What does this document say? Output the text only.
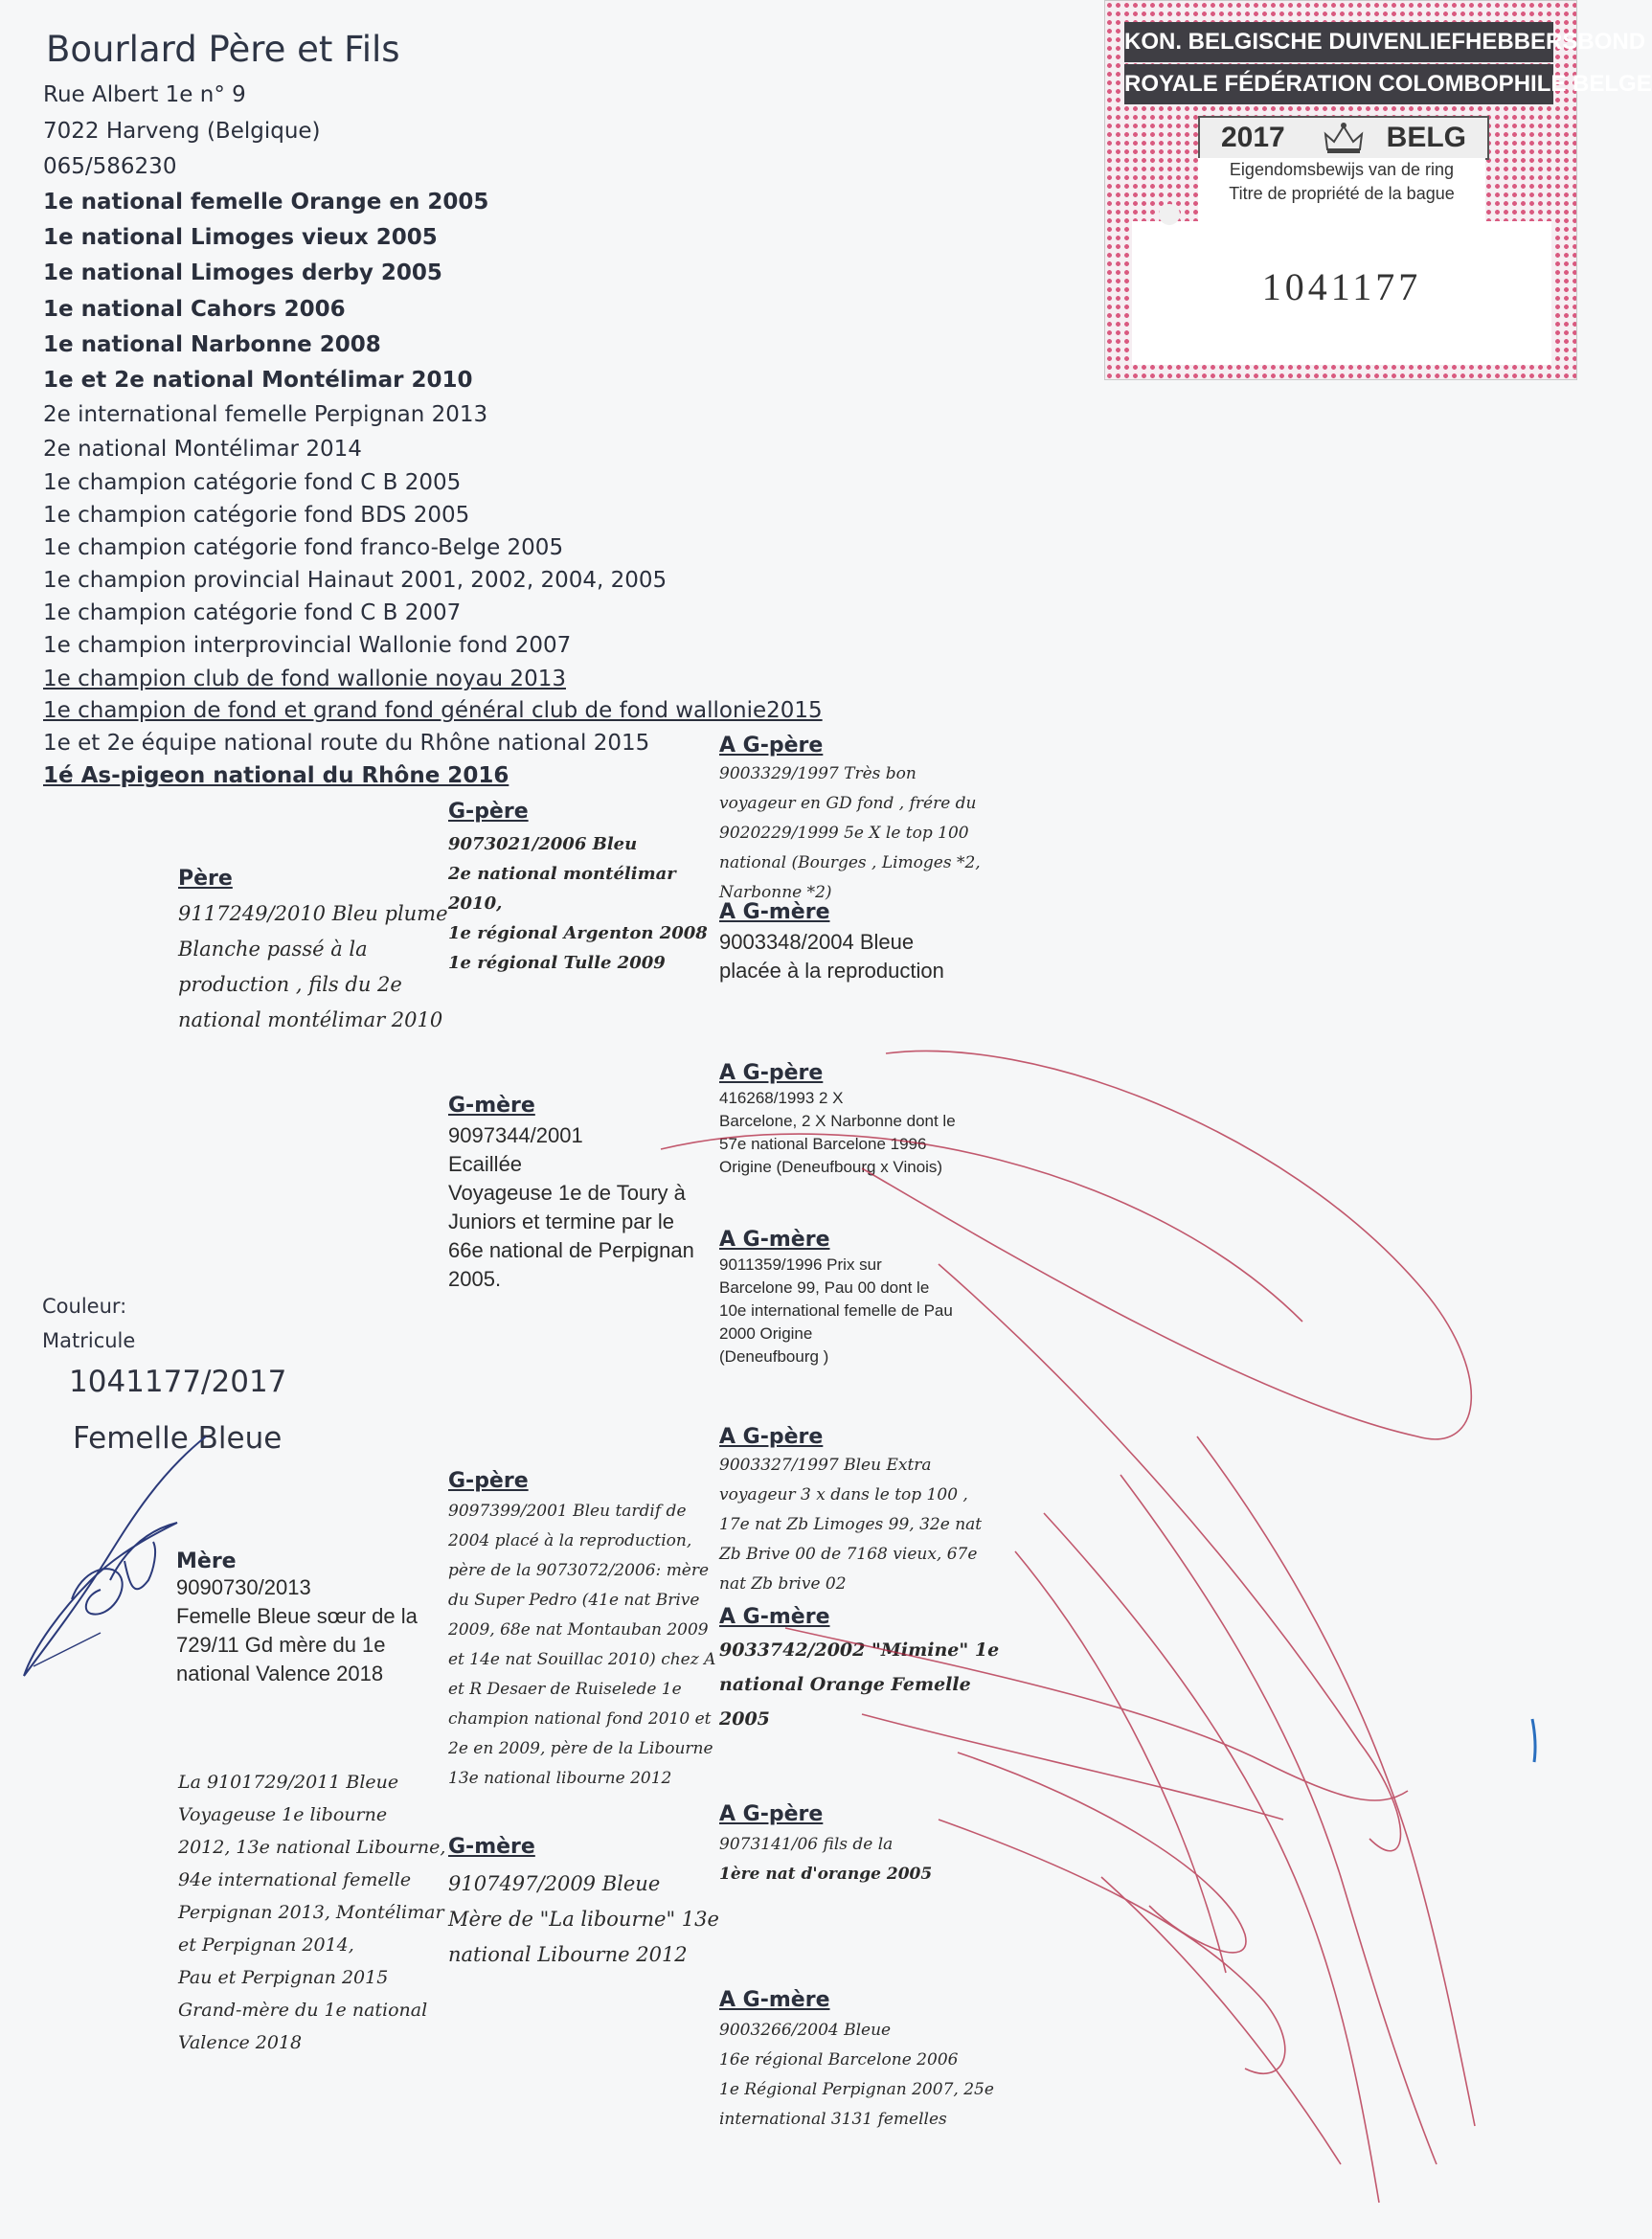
Bourlard Père et Fils
Rue Albert 1e n° 9
7022 Harveng (Belgique)
065/586230
1e national femelle Orange en 2005
1e national Limoges vieux 2005
1e national Limoges derby 2005
1e national Cahors 2006
1e national Narbonne 2008
1e et 2e national Montélimar 2010
2e international femelle Perpignan 2013
2e national Montélimar 2014
1e champion catégorie fond C B 2005
1e champion catégorie fond BDS 2005
1e champion catégorie fond franco-Belge 2005
1e champion provincial Hainaut 2001, 2002, 2004, 2005
1e champion catégorie fond C B 2007
1e champion interprovincial Wallonie fond 2007
1e champion club de fond wallonie noyau 2013
1e champion de fond et grand fond général club de fond wallonie2015
1e et 2e équipe national route du Rhône national 2015
1é As-pigeon national du Rhône 2016
KON. BELGISCHE DUIVENLIEFHEBBERSBOND
ROYALE FÉDÉRATION COLOMBOPHILE BELGE
2017	BELG
Eigendomsbewijs van de ring
Titre de propriété de la bague
1041177
Couleur:
Matricule
1041177/2017
Femelle Bleue
Père
9117249/2010 Bleu plume
Blanche passé à la
production , fils du 2e
national montélimar 2010
G-père
9073021/2006 Bleu
2e national montélimar 2010,
1e régional Argenton 2008
1e régional Tulle 2009
A G-père
9003329/1997 Très bon
voyageur en GD fond , frére du
9020229/1999 5e X le top 100
national (Bourges , Limoges *2,
Narbonne *2)
A G-mère
9003348/2004 Bleue
placée à la reproduction
G-mère
9097344/2001
Ecaillée
Voyageuse 1e de Toury à
Juniors et termine par le
66e national de Perpignan
2005.
A G-père
416268/1993 2 X
Barcelone, 2 X Narbonne dont le
57e national Barcelone 1996
Origine (Deneufbourg x Vinois)
A G-mère
9011359/1996 Prix sur
Barcelone 99, Pau 00 dont le
10e international femelle de Pau
2000 Origine
(Deneufbourg )
Mère
9090730/2013
Femelle Bleue sœur de la
729/11 Gd mère du 1e
national Valence 2018
G-père
9097399/2001 Bleu tardif de
2004 placé à la reproduction,
père de la 9073072/2006: mère
du Super Pedro (41e nat Brive
2009, 68e nat Montauban 2009
et 14e nat Souillac 2010) chez A
et R Desaer de Ruiselede 1e
champion national fond 2010 et
2e en 2009, père de la Libourne
13e national libourne 2012
A G-père
9003327/1997 Bleu Extra
voyageur 3 x dans le top 100 ,
17e nat Zb Limoges 99, 32e nat
Zb Brive 00 de 7168 vieux, 67e
nat Zb brive 02
A G-mère
9033742/2002 "Mimine" 1e
national Orange Femelle
2005
La 9101729/2011 Bleue
Voyageuse 1e libourne
2012, 13e national Libourne,
94e international femelle
Perpignan 2013, Montélimar
et Perpignan 2014,
Pau et Perpignan 2015
Grand-mère du 1e national
Valence 2018
G-mère
9107497/2009 Bleue
Mère de "La libourne" 13e
national Libourne 2012
A G-père
9073141/06 fils de la
1ère nat d'orange 2005
A G-mère
9003266/2004 Bleue
16e régional Barcelone 2006
1e Régional Perpignan 2007, 25e
international 3131 femelles
